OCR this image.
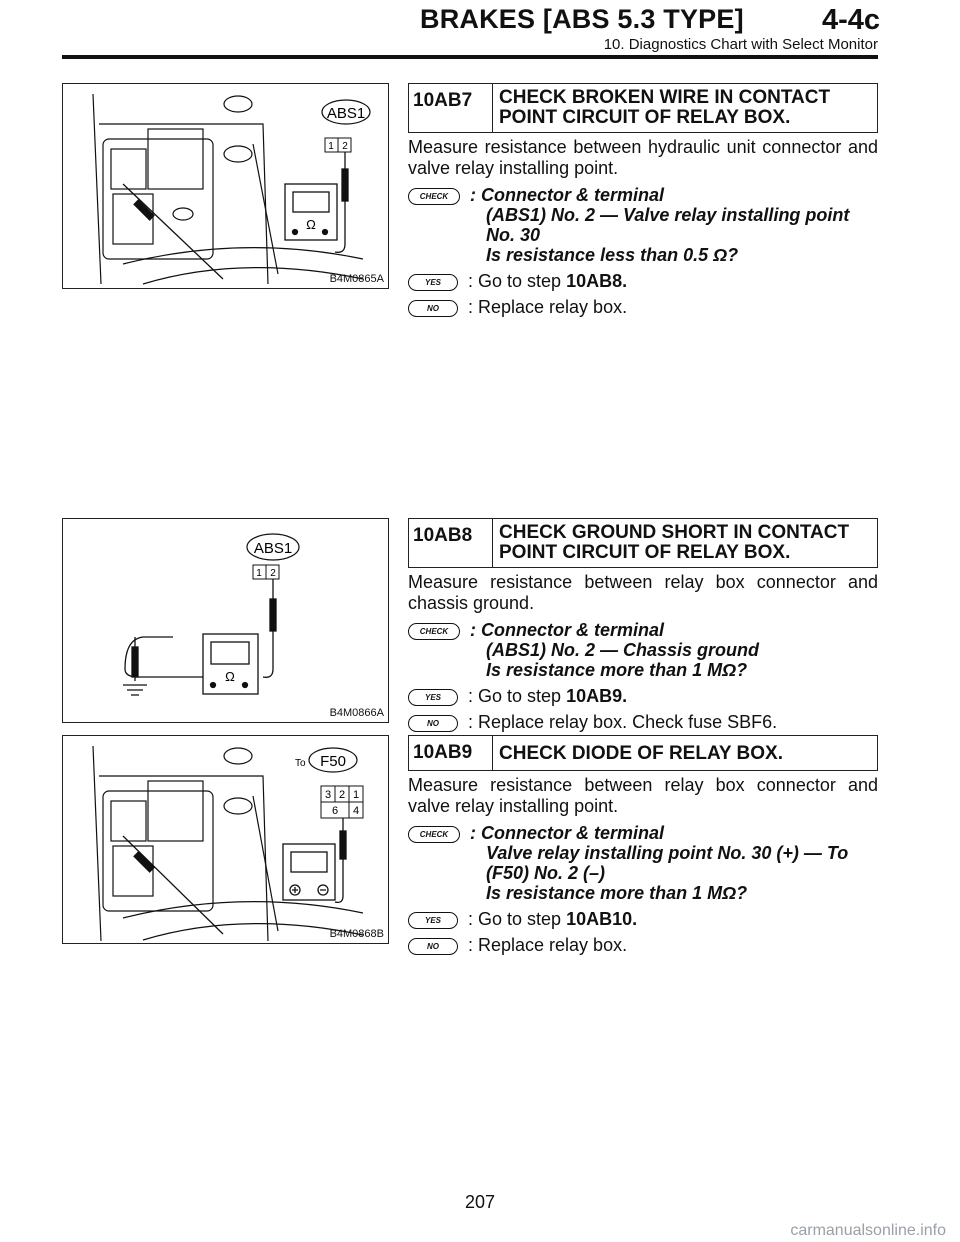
BRAKES [ABS 5.3 TYPE]	4-4c
10. Diagnostics Chart with Select Monitor
ABS1
1 2
Ω
B4M0865A
10AB7	CHECK BROKEN WIRE IN CONTACT POINT CIRCUIT OF RELAY BOX.
Measure resistance between hydraulic unit connector and valve relay installing point.
CHECK	: Connector & terminal
(ABS1) No. 2 — Valve relay installing point
No. 30
Is resistance less than 0.5 Ω?
YES	: Go to step 10AB8.
NO	: Replace relay box.
ABS1
1 2
Ω
B4M0866A
10AB8	CHECK GROUND SHORT IN CONTACT POINT CIRCUIT OF RELAY BOX.
Measure resistance between relay box connector and chassis ground.
CHECK	: Connector & terminal
(ABS1) No. 2 — Chassis ground
Is resistance more than 1 MΩ?
YES	: Go to step 10AB9.
NO	: Replace relay box. Check fuse SBF6.
To F50
3 2 1
6 4
B4M0868B
10AB9	CHECK DIODE OF RELAY BOX.
Measure resistance between relay box connector and valve relay installing point.
CHECK	: Connector & terminal
Valve relay installing point No. 30 (+) — To
(F50) No. 2 (–)
Is resistance more than 1 MΩ?
YES	: Go to step 10AB10.
NO	: Replace relay box.
207
carmanualsonline.info
